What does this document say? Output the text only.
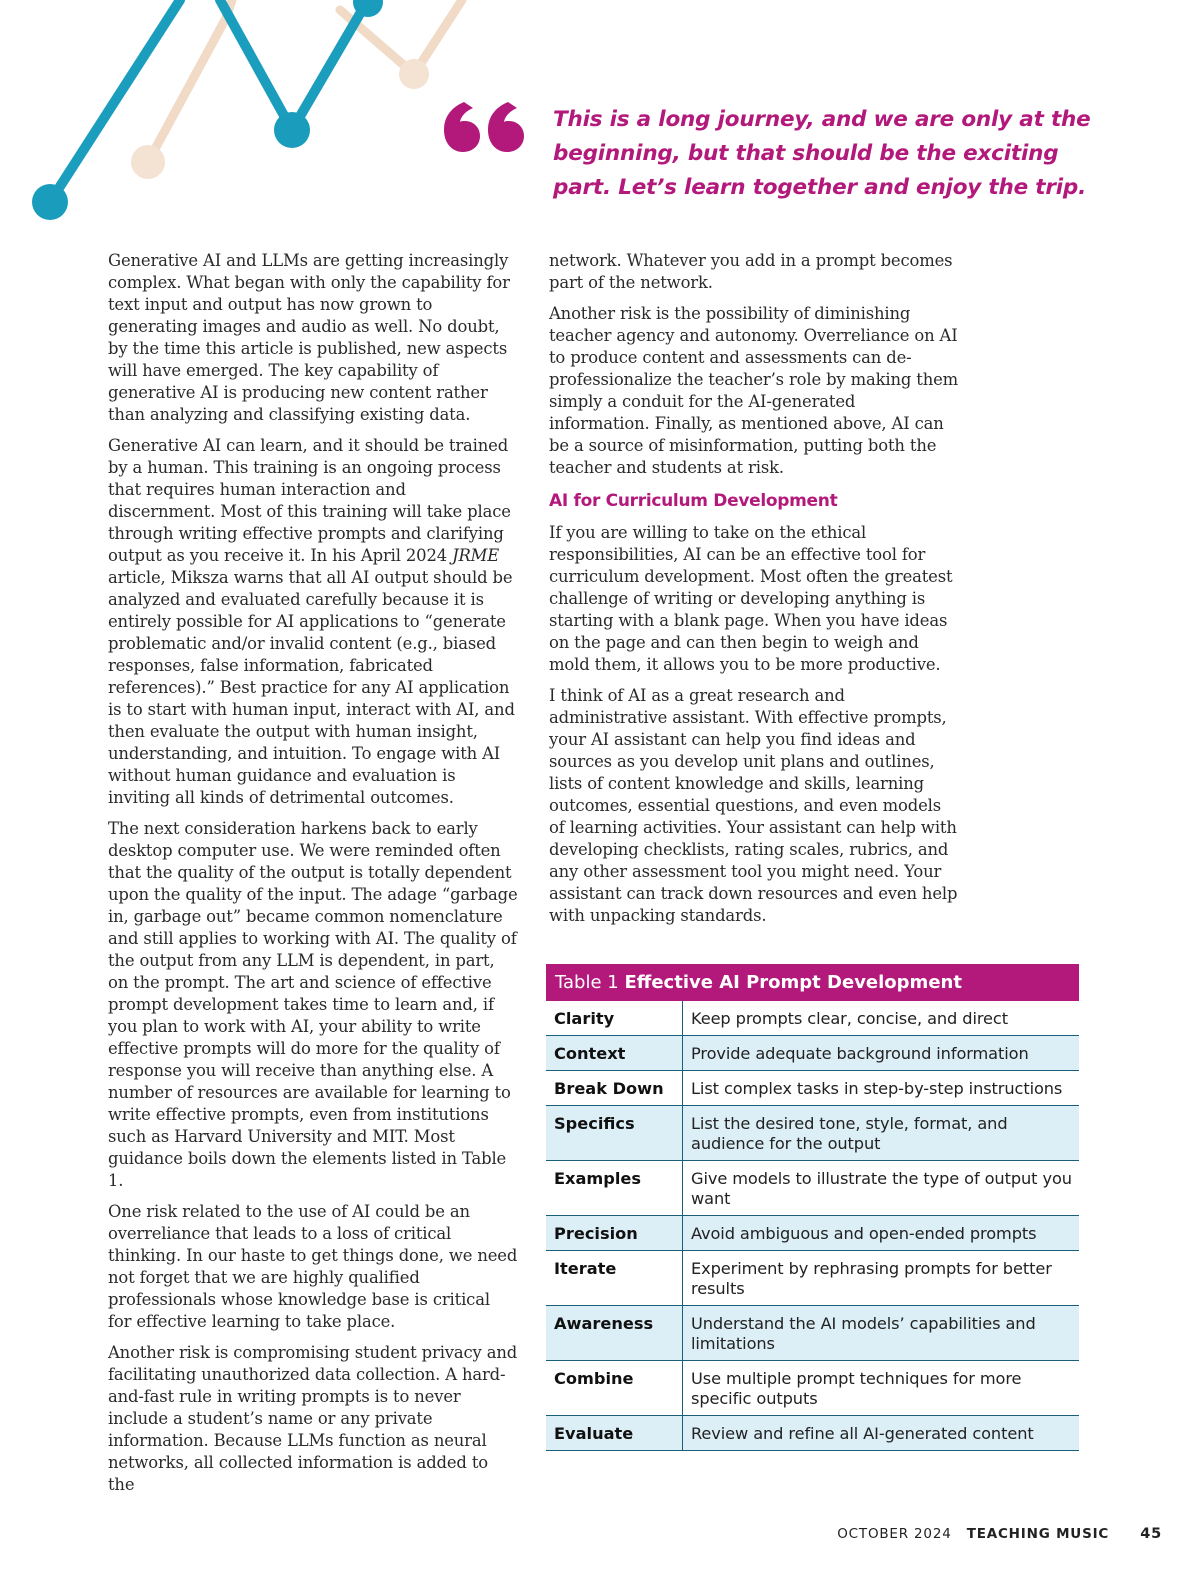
This is a long journey, and we are only at the
beginning, but that should be the exciting
part. Let’s learn together and enjoy the trip.

Generative AI and LLMs are getting increasingly complex. What began with only the capability for text input and output has now grown to generating images and audio as well. No doubt, by the time this article is published, new aspects will have emerged. The key capability of generative AI is producing new content rather than analyzing and classifying existing data.

Generative AI can learn, and it should be trained by a human. This training is an ongoing process that requires human interaction and discernment. Most of this training will take place through writing effective prompts and clarifying output as you receive it. In his April 2024 JRME article, Miksza warns that all AI output should be analyzed and evaluated carefully because it is entirely possible for AI applications to “generate problematic and/or invalid content (e.g., biased responses, false information, fabricated references).” Best practice for any AI application is to start with human input, interact with AI, and then evaluate the output with human insight, understanding, and intuition. To engage with AI without human guidance and evaluation is inviting all kinds of detrimental outcomes.

The next consideration harkens back to early desktop computer use. We were reminded often that the quality of the output is totally dependent upon the quality of the input. The adage “garbage in, garbage out” became common nomenclature and still applies to working with AI. The quality of the output from any LLM is dependent, in part, on the prompt. The art and science of effective prompt development takes time to learn and, if you plan to work with AI, your ability to write effective prompts will do more for the quality of response you will receive than anything else. A number of resources are available for learning to write effective prompts, even from institutions such as Harvard University and MIT. Most guidance boils down the elements listed in Table 1.

One risk related to the use of AI could be an overreliance that leads to a loss of critical thinking. In our haste to get things done, we need not forget that we are highly qualified professionals whose knowledge base is critical for effective learning to take place.

Another risk is compromising student privacy and facilitating unauthorized data collection. A hard-and-fast rule in writing prompts is to never include a student’s name or any private information. Because LLMs function as neural networks, all collected information is added to the

network. Whatever you add in a prompt becomes part of the network.

Another risk is the possibility of diminishing teacher agency and autonomy. Overreliance on AI to produce content and assessments can de-professionalize the teacher’s role by making them simply a conduit for the AI-generated information. Finally, as mentioned above, AI can be a source of misinformation, putting both the teacher and students at risk.

AI for Curriculum Development

If you are willing to take on the ethical responsibilities, AI can be an effective tool for curriculum development. Most often the greatest challenge of writing or developing anything is starting with a blank page. When you have ideas on the page and can then begin to weigh and mold them, it allows you to be more productive.

I think of AI as a great research and administrative assistant. With effective prompts, your AI assistant can help you find ideas and sources as you develop unit plans and outlines, lists of content knowledge and skills, learning outcomes, essential questions, and even models of learning activities. Your assistant can help with developing checklists, rating scales, rubrics, and any other assessment tool you might need. Your assistant can track down resources and even help with unpacking standards.

Table 1 Effective AI Prompt Development
Clarity	Keep prompts clear, concise, and direct
Context	Provide adequate background information
Break Down	List complex tasks in step-by-step instructions
Specifics	List the desired tone, style, format, and audience for the output
Examples	Give models to illustrate the type of output you want
Precision	Avoid ambiguous and open-ended prompts
Iterate	Experiment by rephrasing prompts for better results
Awareness	Understand the AI models’ capabilities and limitations
Combine	Use multiple prompt techniques for more specific outputs
Evaluate	Review and refine all AI-generated content
OCTOBER 2024 TEACHING MUSIC 45
